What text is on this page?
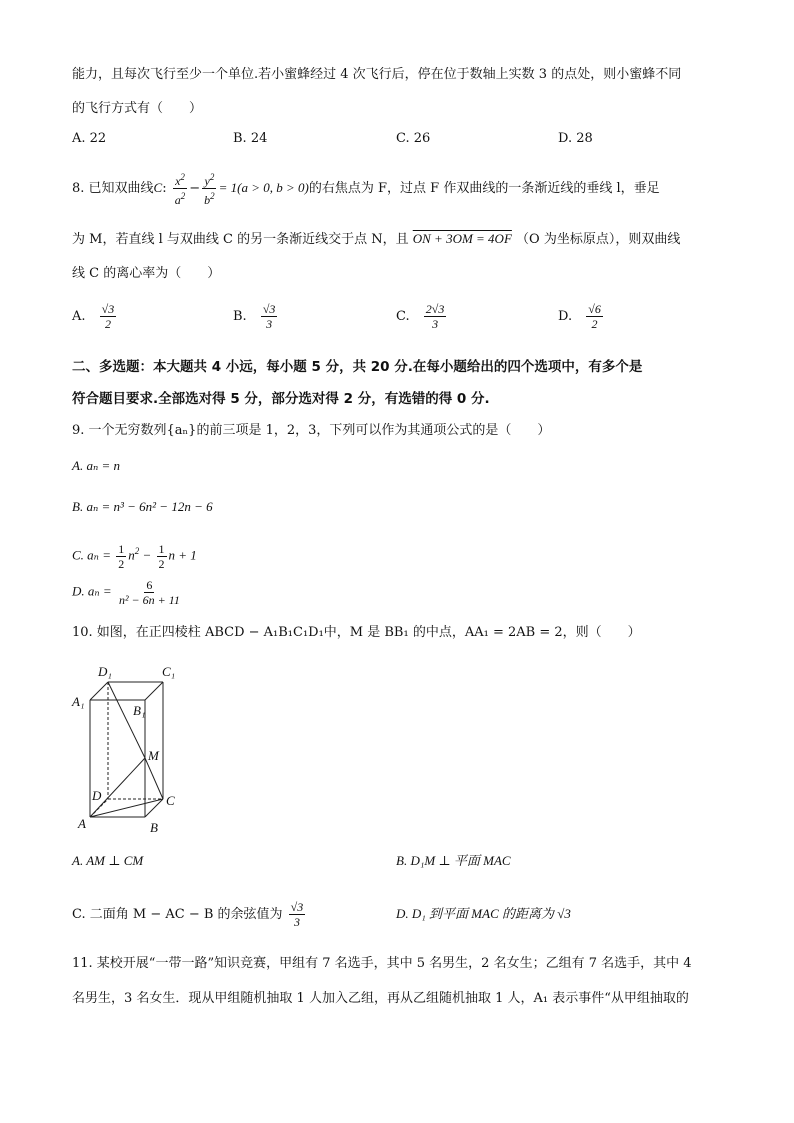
能力，且每次飞行至少一个单位.若小蜜蜂经过 4 次飞行后，停在位于数轴上实数 3 的点处，则小蜜蜂不同
的飞行方式有（　　）
A. 22	B. 24	C. 26	D. 28
8. 已知双曲线C: $\frac{x^2}{a^2} - \frac{y^2}{b^2} = 1(a > 0$, b > 0)的右焦点为 F，过点 F 作双曲线的一条渐近线的垂线 l，垂足
为 M，若直线 l 与双曲线 C 的另一条渐近线交于点 N，且 ON + 3OM = 4OF （O 为坐标原点），则双曲线
线 C 的离心率为（　　）
A. $\frac{√3}{2}$	B. $\frac{√3}{3}$	C. $\frac{2√3}{3}$	D. $\frac{√6}{2}$
二、多选题：本大题共 4 小远，每小题 5 分，共 20 分.在每小题给出的四个选项中，有多个是
符合题目要求.全部选对得 5 分，部分选对得 2 分，有选错的得 0 分.
9. 一个无穷数列{aₙ}的前三项是 1，2，3，下列可以作为其通项公式的是（　　）
A. aₙ = n
B. aₙ = n³ − 6n² − 12n − 6
C. $a_n = \frac{1}{2} n^2 - \frac{1}{2}$ n + 1
D. $a_n = \frac{6}{\text{n² − 6n + 11}}$
10. 如图，在正四棱柱 ABCD − A₁B₁C₁D₁中，M 是 BB₁ 的中点，AA₁ = 2AB = 2，则（　　）
D₁	C₁
A₁
B₁
M
D	C
A	B
A. AM ⊥ CM	B. D₁M ⊥ 平面 MAC
C. 二面角 M − AC − B 的余弦值为 $\frac{√3}{3}$	D. D₁ 到平面 MAC 的距离为 √3
11. 某校开展“一带一路”知识竞赛，甲组有 7 名选手，其中 5 名男生，2 名女生；乙组有 7 名选手，其中 4
名男生，3 名女生．现从甲组随机抽取 1 人加入乙组，再从乙组随机抽取 1 人，A₁ 表示事件“从甲组抽取的
